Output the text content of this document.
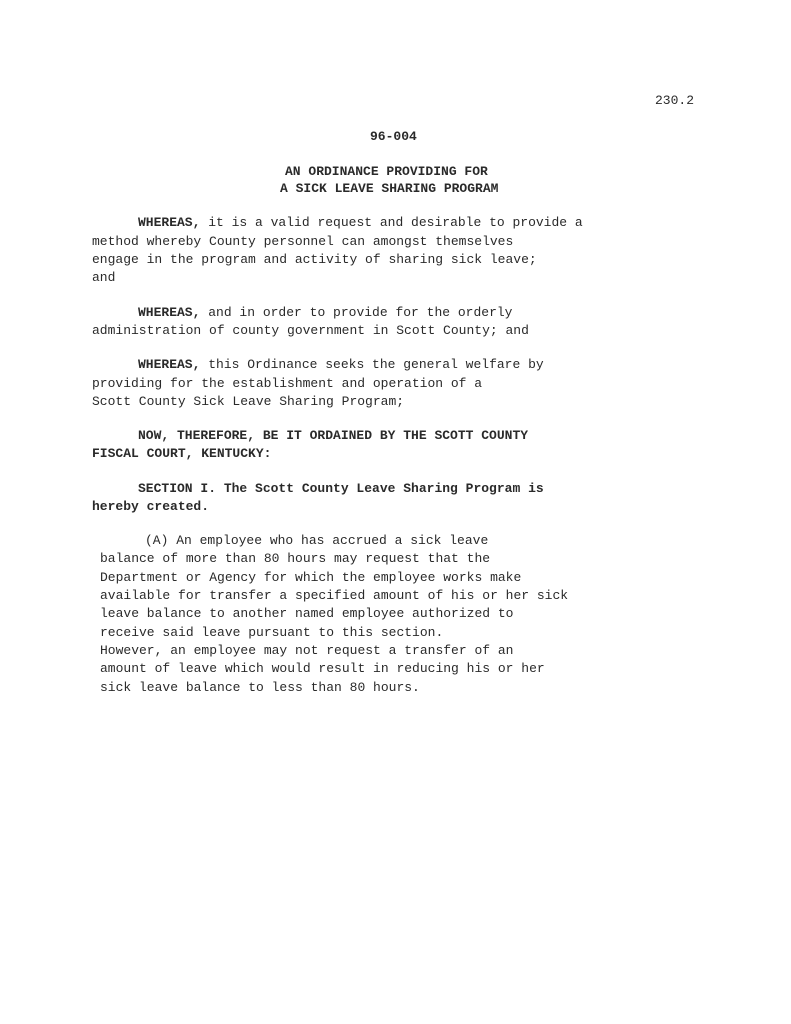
230.2
96-004
AN ORDINANCE PROVIDING FOR
A SICK LEAVE SHARING PROGRAM
WHEREAS, it is a valid request and desirable to provide a
method whereby County personnel can amongst themselves
engage in the program and activity of sharing sick leave;
and
WHEREAS, and in order to provide for the orderly
administration of county government in Scott County; and
WHEREAS, this Ordinance seeks the general welfare by
providing for the establishment and operation of a
Scott County Sick Leave Sharing Program;
NOW, THEREFORE, BE IT ORDAINED BY THE SCOTT COUNTY
FISCAL COURT, KENTUCKY:
SECTION I. The Scott County Leave Sharing Program is
hereby created.
(A) An employee who has accrued a sick leave
balance of more than 80 hours may request that the
Department or Agency for which the employee works make
available for transfer a specified amount of his or her sick
leave balance to another named employee authorized to
receive said leave pursuant to this section.
However, an employee may not request a transfer of an
amount of leave which would result in reducing his or her
sick leave balance to less than 80 hours.
